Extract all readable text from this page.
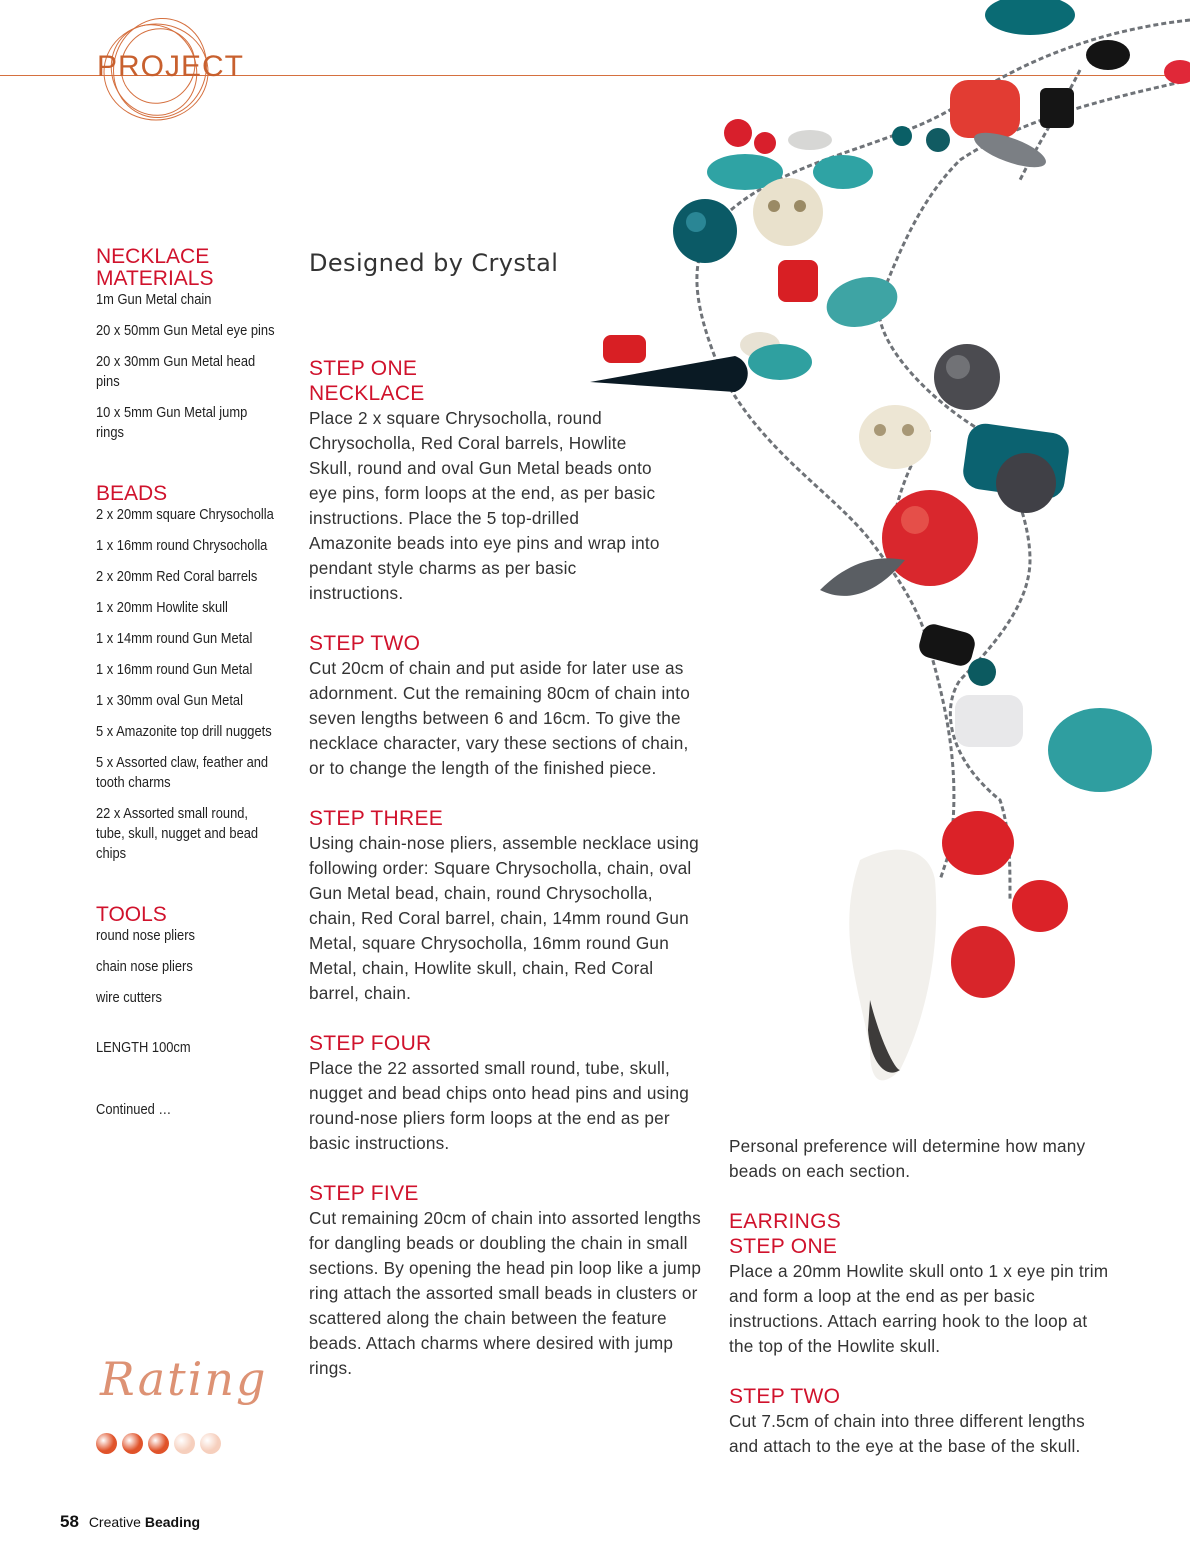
PROJECT
NECKLACE MATERIALS
1m Gun Metal chain
20 x 50mm Gun Metal eye pins
20 x 30mm Gun Metal head pins
10 x 5mm Gun Metal jump rings
BEADS
2 x 20mm square Chrysocholla
1 x 16mm round Chrysocholla
2 x 20mm Red Coral barrels
1 x 20mm Howlite skull
1 x 14mm round Gun Metal
1 x 16mm round Gun Metal
1 x 30mm oval Gun Metal
5 x Amazonite top drill nuggets
5 x Assorted claw, feather and tooth charms
22 x Assorted small round, tube, skull, nugget and bead chips
TOOLS
round nose pliers
chain nose pliers
wire cutters
LENGTH 100cm
Continued …
Designed by Crystal
STEP ONE
NECKLACE

Place 2 x square Chrysocholla, round Chrysocholla, Red Coral barrels, Howlite Skull, round and oval Gun Metal beads onto eye pins, form loops at the end, as per basic instructions. Place the 5 top-drilled Amazonite beads into eye pins and wrap into pendant style charms as per basic instructions.

STEP TWO

Cut 20cm of chain and put aside for later use as adornment. Cut the remaining 80cm of chain into seven lengths between 6 and 16cm. To give the necklace character, vary these sections of chain, or to change the length of the finished piece.

STEP THREE

Using chain-nose pliers, assemble necklace using following order: Square Chrysocholla, chain, oval Gun Metal bead, chain, round Chrysocholla, chain, Red Coral barrel, chain, 14mm round Gun Metal, square Chrysocholla, 16mm round Gun Metal, chain, Howlite skull, chain, Red Coral barrel, chain.

STEP FOUR

Place the 22 assorted small round, tube, skull, nugget and bead chips onto head pins and using round-nose pliers form loops at the end as per basic instructions.

STEP FIVE

Cut remaining 20cm of chain into assorted lengths for dangling beads or doubling the chain in small sections. By opening the head pin loop like a jump ring attach the assorted small beads in clusters or scattered along the chain between the feature beads. Attach charms where desired with jump rings.

Personal preference will determine how many beads on each section.

EARRINGS
STEP ONE

Place a 20mm Howlite skull onto 1 x eye pin trim and form a loop at the end as per basic instructions. Attach earring hook to the loop at the top of the Howlite skull.

STEP TWO

Cut 7.5cm of chain into three different lengths and attach to the eye at the base of the skull.

Rating
58 Creative Beading
